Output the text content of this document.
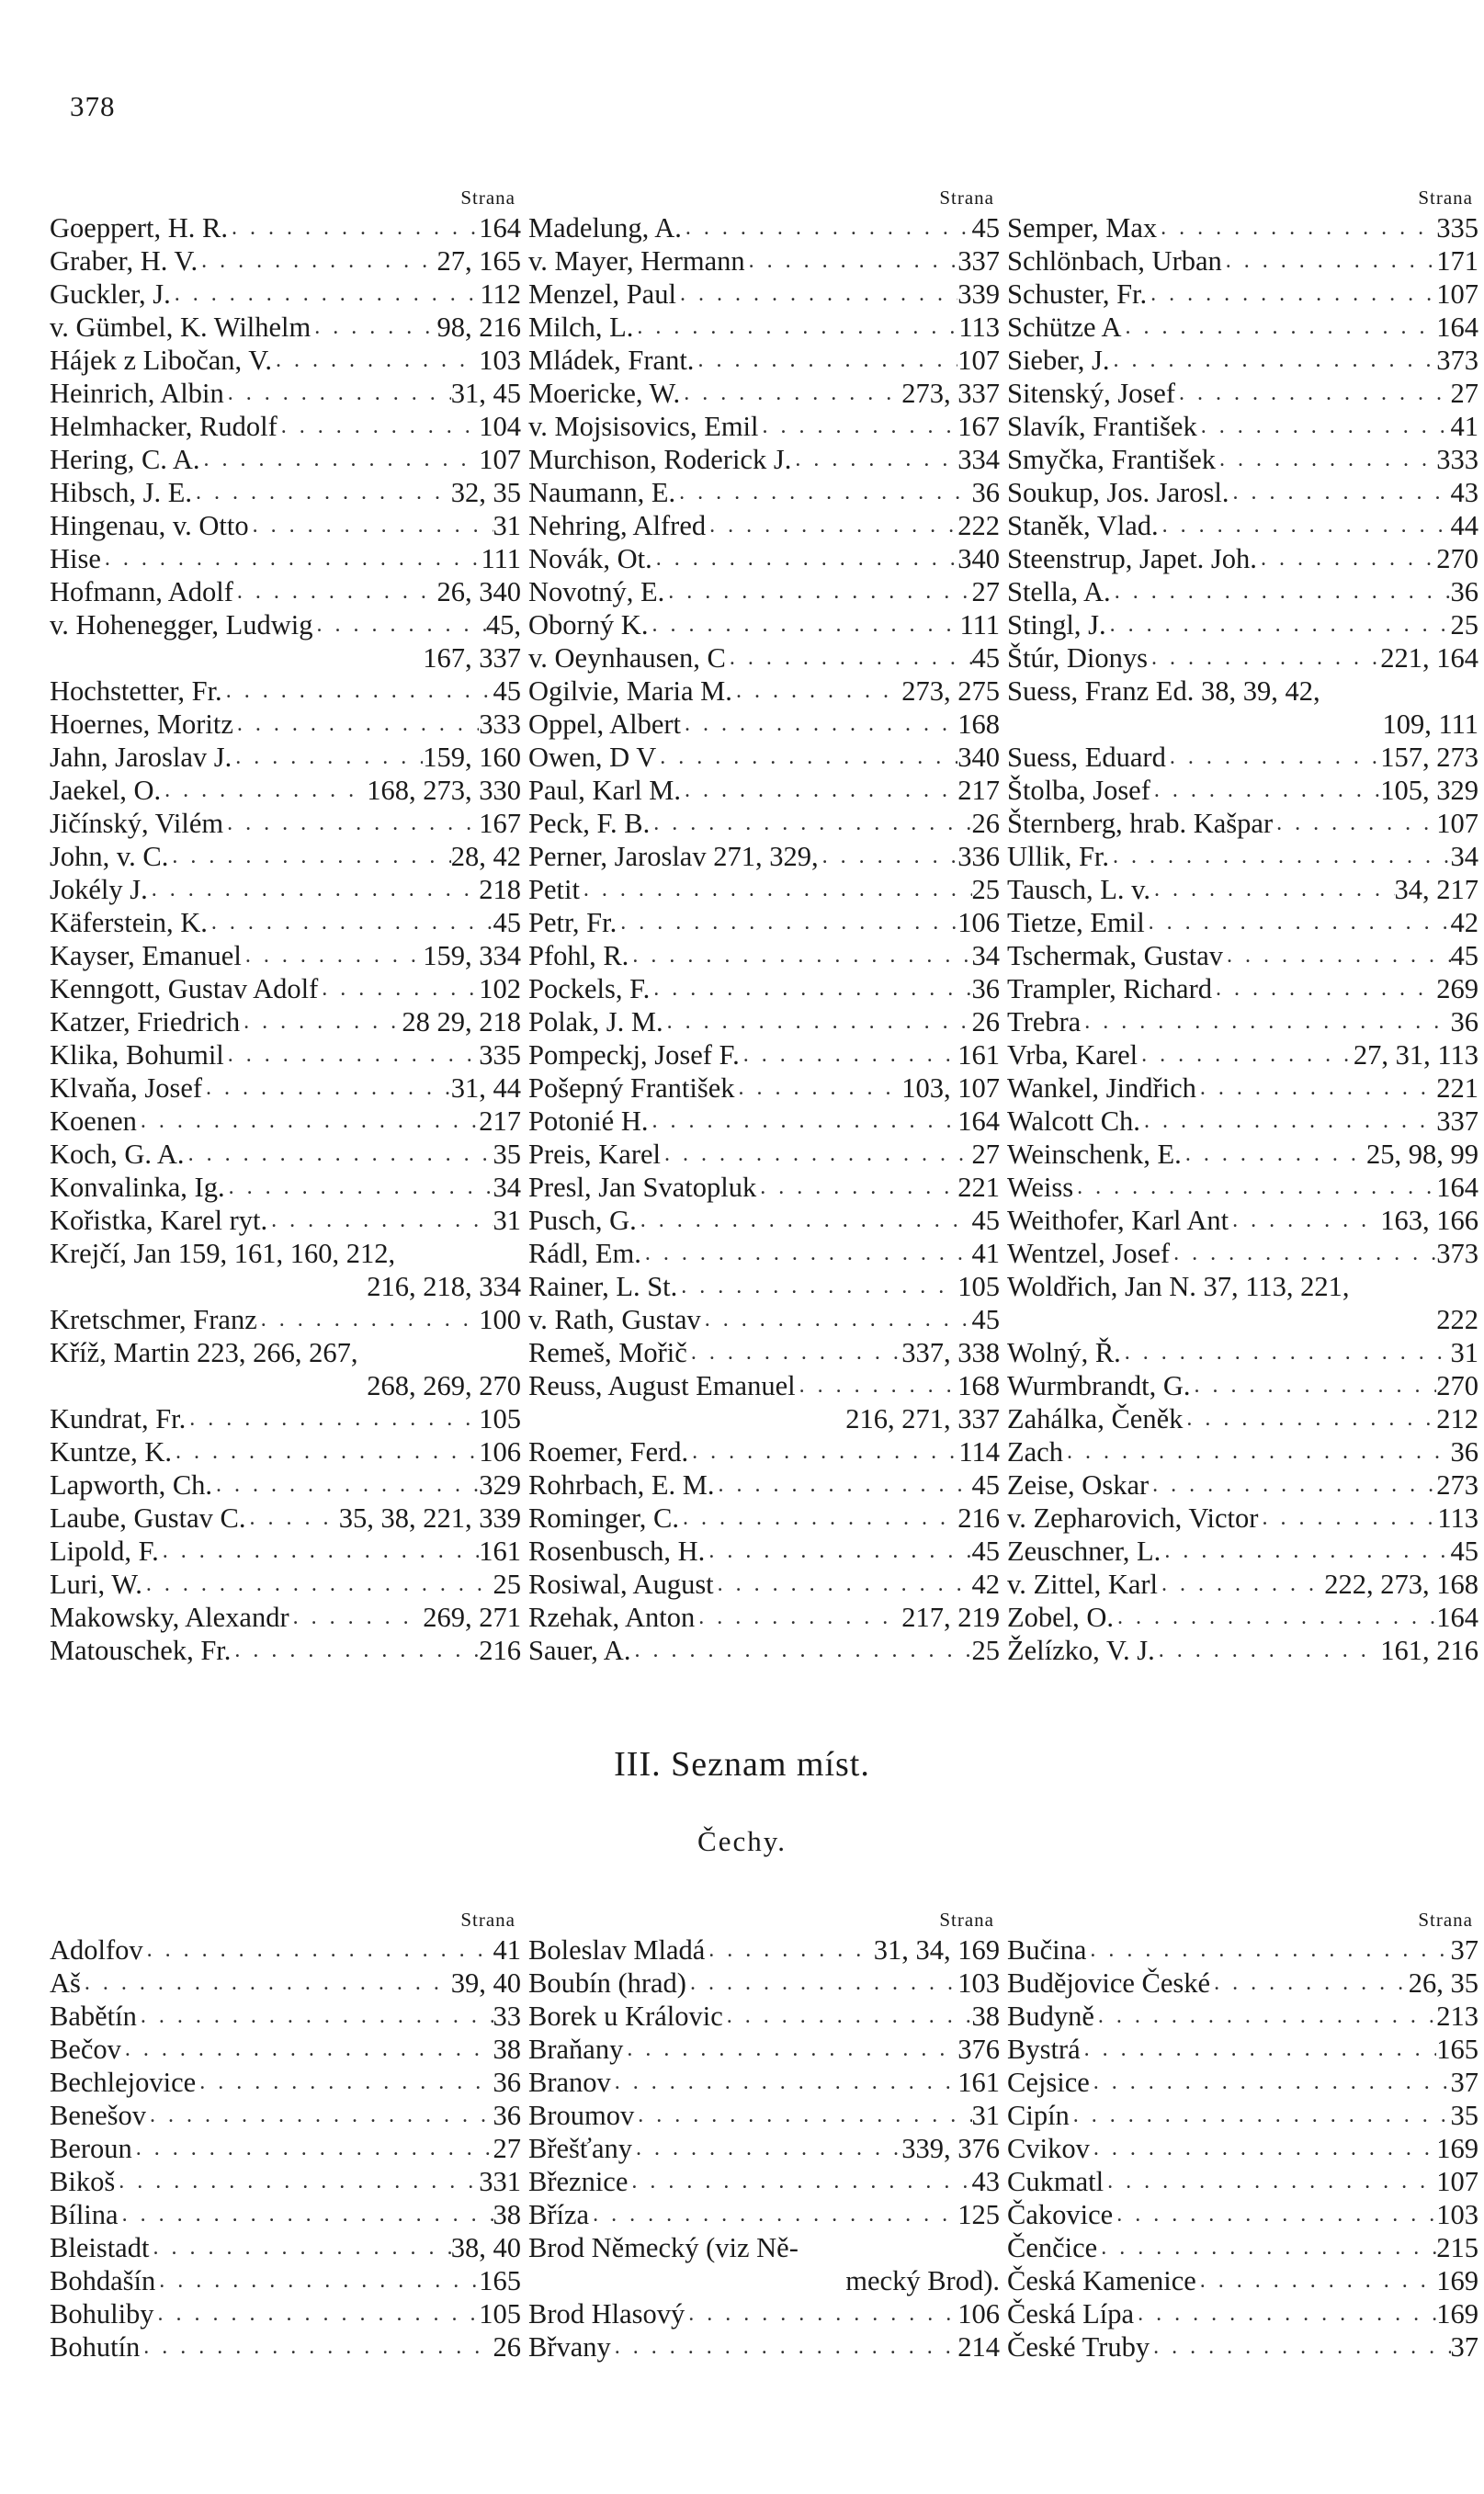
378
Strana
Goeppert, H. R. . . .	164
Graber, H. V. . . .	27, 165
Guckler, J. . . .	112
v. Gümbel, K. Wilhelm . . .	98, 216
Hájek z Libočan, V. . . .	103
Heinrich, Albin . . .	31, 45
Helmhacker, Rudolf . . .	104
Hering, C. A. . . .	107
Hibsch, J. E. . . .	32, 35
Hingenau, v. Otto . . .	31
Hise . . .	111
Hofmann, Adolf . . .	26, 340
v. Hohenegger, Ludwig . . .	45,
167, 337
Hochstetter, Fr. . . .	45
Hoernes, Moritz . . .	333
Jahn, Jaroslav J. . . .	159, 160
Jaekel, O. . . .	168, 273, 330
Jičínský, Vilém . . .	167
John, v. C. . . .	28, 42
Jokély J. . . .	218
Käferstein, K. . . .	45
Kayser, Emanuel . . .	159, 334
Kenngott, Gustav Adolf . . .	102
Katzer, Friedrich . . .	28 29, 218
Klika, Bohumil . . .	335
Klvaňa, Josef . . .	31, 44
Koenen . . .	217
Koch, G. A. . . .	35
Konvalinka, Ig. . . .	34
Kořistka, Karel ryt. . . .	31
Krejčí, Jan 159, 161, 160, 212,
216, 218, 334
Kretschmer, Franz . . .	100
Kříž, Martin 223, 266, 267,
268, 269, 270
Kundrat, Fr. . . .	105
Kuntze, K. . . .	106
Lapworth, Ch. . . .	329
Laube, Gustav C. . . .	35, 38, 221, 339
Lipold, F. . . .	161
Luri, W. . . .	25
Makowsky, Alexandr . . .	269, 271
Matouschek, Fr. . . .	216
Strana
Madelung, A. . . .	45
v. Mayer, Hermann . . .	337
Menzel, Paul . . .	339
Milch, L. . . .	113
Mládek, Frant. . . .	107
Moericke, W. . . .	273, 337
v. Mojsisovics, Emil . . .	167
Murchison, Roderick J. . . .	334
Naumann, E. . . .	36
Nehring, Alfred . . .	222
Novák, Ot. . . .	340
Novotný, E. . . .	27
Oborný K. . . .	111
v. Oeynhausen, C . . .	45
Ogilvie, Maria M. . . .	273, 275
Oppel, Albert . . .	168
Owen, D V . . .	340
Paul, Karl M. . . .	217
Peck, F. B. . . .	26
Perner, Jaroslav 271, 329, . . .	336
Petit . . .	25
Petr, Fr. . . .	106
Pfohl, R. . . .	34
Pockels, F. . . .	36
Polak, J. M. . . .	26
Pompeckj, Josef F. . . .	161
Pošepný František . . .	103, 107
Potonié H. . . .	164
Preis, Karel . . .	27
Presl, Jan Svatopluk . . .	221
Pusch, G. . . .	45
Rádl, Em. . . .	41
Rainer, L. St. . . .	105
v. Rath, Gustav . . .	45
Remeš, Mořič . . .	337, 338
Reuss, August Emanuel . . .	168
216, 271, 337
Roemer, Ferd. . . .	114
Rohrbach, E. M. . . .	45
Rominger, C. . . .	216
Rosenbusch, H. . . .	45
Rosiwal, August . . .	42
Rzehak, Anton . . .	217, 219
Sauer, A. . . .	25
Strana
Semper, Max . . .	335
Schlönbach, Urban . . .	171
Schuster, Fr. . . .	107
Schütze A . . .	164
Sieber, J. . . .	373
Sitenský, Josef . . .	27
Slavík, František . . .	41
Smyčka, František . . .	333
Soukup, Jos. Jarosl. . . .	43
Staněk, Vlad. . . .	44
Steenstrup, Japet. Joh. . . .	270
Stella, A. . . .	36
Stingl, J. . . .	25
Štúr, Dionys . . .	221, 164
Suess, Franz Ed. 38, 39, 42,
109, 111
Suess, Eduard . . .	157, 273
Štolba, Josef . . .	105, 329
Šternberg, hrab. Kašpar . . .	107
Ullik, Fr. . . .	34
Tausch, L. v. . . .	34, 217
Tietze, Emil . . .	42
Tschermak, Gustav . . .	45
Trampler, Richard . . .	269
Trebra . . .	36
Vrba, Karel . . .	27, 31, 113
Wankel, Jindřich . . .	221
Walcott Ch. . . .	337
Weinschenk, E. . . .	25, 98, 99
Weiss . . .	164
Weithofer, Karl Ant . . .	163, 166
Wentzel, Josef . . .	373
Woldřich, Jan N. 37, 113, 221,
222
Wolný, Ř. . . .	31
Wurmbrandt, G. . . .	270
Zahálka, Čeněk . . .	212
Zach . . .	36
Zeise, Oskar . . .	273
v. Zepharovich, Victor . . .	113
Zeuschner, L. . . .	45
v. Zittel, Karl . . .	222, 273, 168
Zobel, O. . . .	164
Želízko, V. J. . . .	161, 216
III. Seznam míst.
Čechy.
Strana
Adolfov . . .	41
Aš . . .	39, 40
Babětín . . .	33
Bečov . . .	38
Bechlejovice . . .	36
Benešov . . .	36
Beroun . . .	27
Bikoš . . .	331
Bílina . . .	38
Bleistadt . . .	38, 40
Bohdašín . . .	165
Bohuliby . . .	105
Bohutín . . .	26
Strana
Boleslav Mladá . . .	31, 34, 169
Boubín (hrad) . . .	103
Borek u Královic . . .	38
Braňany . . .	376
Branov . . .	161
Broumov . . .	31
Břešťany . . .	339, 376
Březnice . . .	43
Bříza . . .	125
Brod Německý (viz Ně-
mecký Brod).
Brod Hlasový . . .	106
Břvany . . .	214
Strana
Bučina . . .	37
Budějovice České . . .	26, 35
Budyně . . .	213
Bystrá . . .	165
Cejsice . . .	37
Cipín . . .	35
Cvikov . . .	169
Cukmatl . . .	107
Čakovice . . .	103
Čenčice . . .	215
Česká Kamenice . . .	169
Česká Lípa . . .	169
České Truby . . .	37
